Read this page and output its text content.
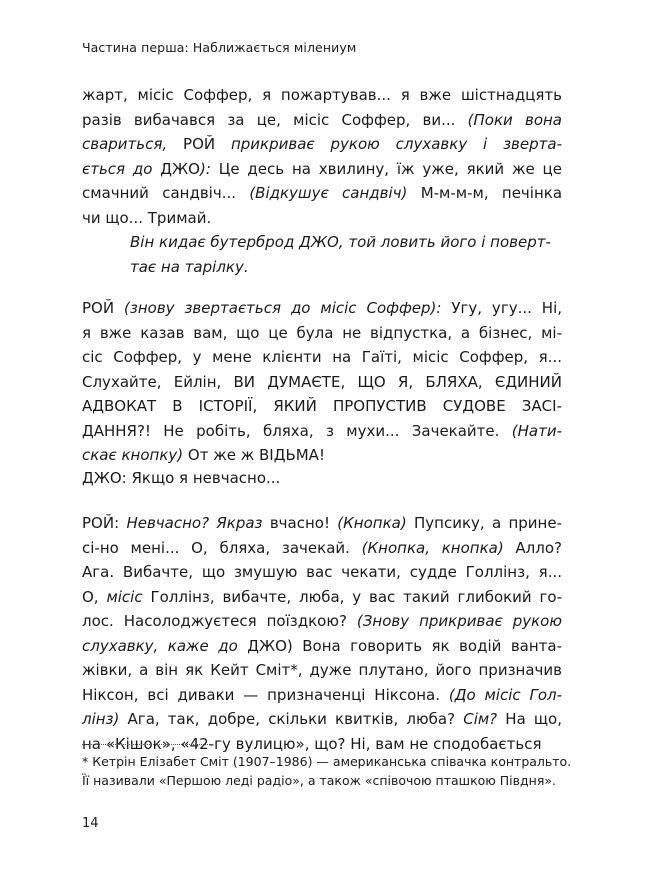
Частина перша: Наближається мілениум
жарт, місіс Соффер, я пожартував... я вже шістнадцять
разів вибачався за це, місіс Соффер, ви... (Поки вона
свариться, РОЙ прикриває рукою слухавку і зверта-
ється до ДЖО): Це десь на хвилину, їж уже, який же це
смачний сандвіч... (Відкушує сандвіч) М-м-м-м, печінка
чи що... Тримай.
Він кидає бутерброд ДЖО, той ловить його і поверт-
тає на тарілку.
РОЙ (знову звертається до місіс Соффер): Угу, угу... Ні,
я вже казав вам, що це була не відпустка, а бізнес, мі-
сіс Соффер, у мене клієнти на Гаїті, місіс Соффер, я...
Слухайте, Ейлін, ВИ ДУМАЄТЕ, ЩО Я, БЛЯХА, ЄДИНИЙ
АДВОКАТ В ІСТОРІЇ, ЯКИЙ ПРОПУСТИВ СУДОВЕ ЗАСІ-
ДАННЯ?! Не робіть, бляха, з мухи... Зачекайте. (Нати-
скає кнопку) От же ж ВІДЬМА!
ДЖО: Якщо я невчасно...
РОЙ: Невчасно? Якраз вчасно! (Кнопка) Пупсику, а прине-
сі-но мені... О, бляха, зачекай. (Кнопка, кнопка) Алло?
Ага. Вибачте, що змушую вас чекати, судде Голлінз, я...
О, місіс Голлінз, вибачте, люба, у вас такий глибокий го-
лос. Насолоджуєтеся поїздкою? (Знову прикриває рукою
слухавку, каже до ДЖО) Вона говорить як водій ванта-
жівки, а він як Кейт Сміт*, дуже плутано, його призначив
Ніксон, всі диваки — призначенці Ніксона. (До місіс Гол-
лінз) Ага, так, добре, скільки квитків, люба? Сім? На що,
на «Кішок», «42-гу вулицю», що? Ні, вам не сподобається
* Кетрін Елізабет Сміт (1907–1986) — американська співачка контральто.
Її називали «Першою леді радіо», а також «співочою пташкою Півдня».
14
